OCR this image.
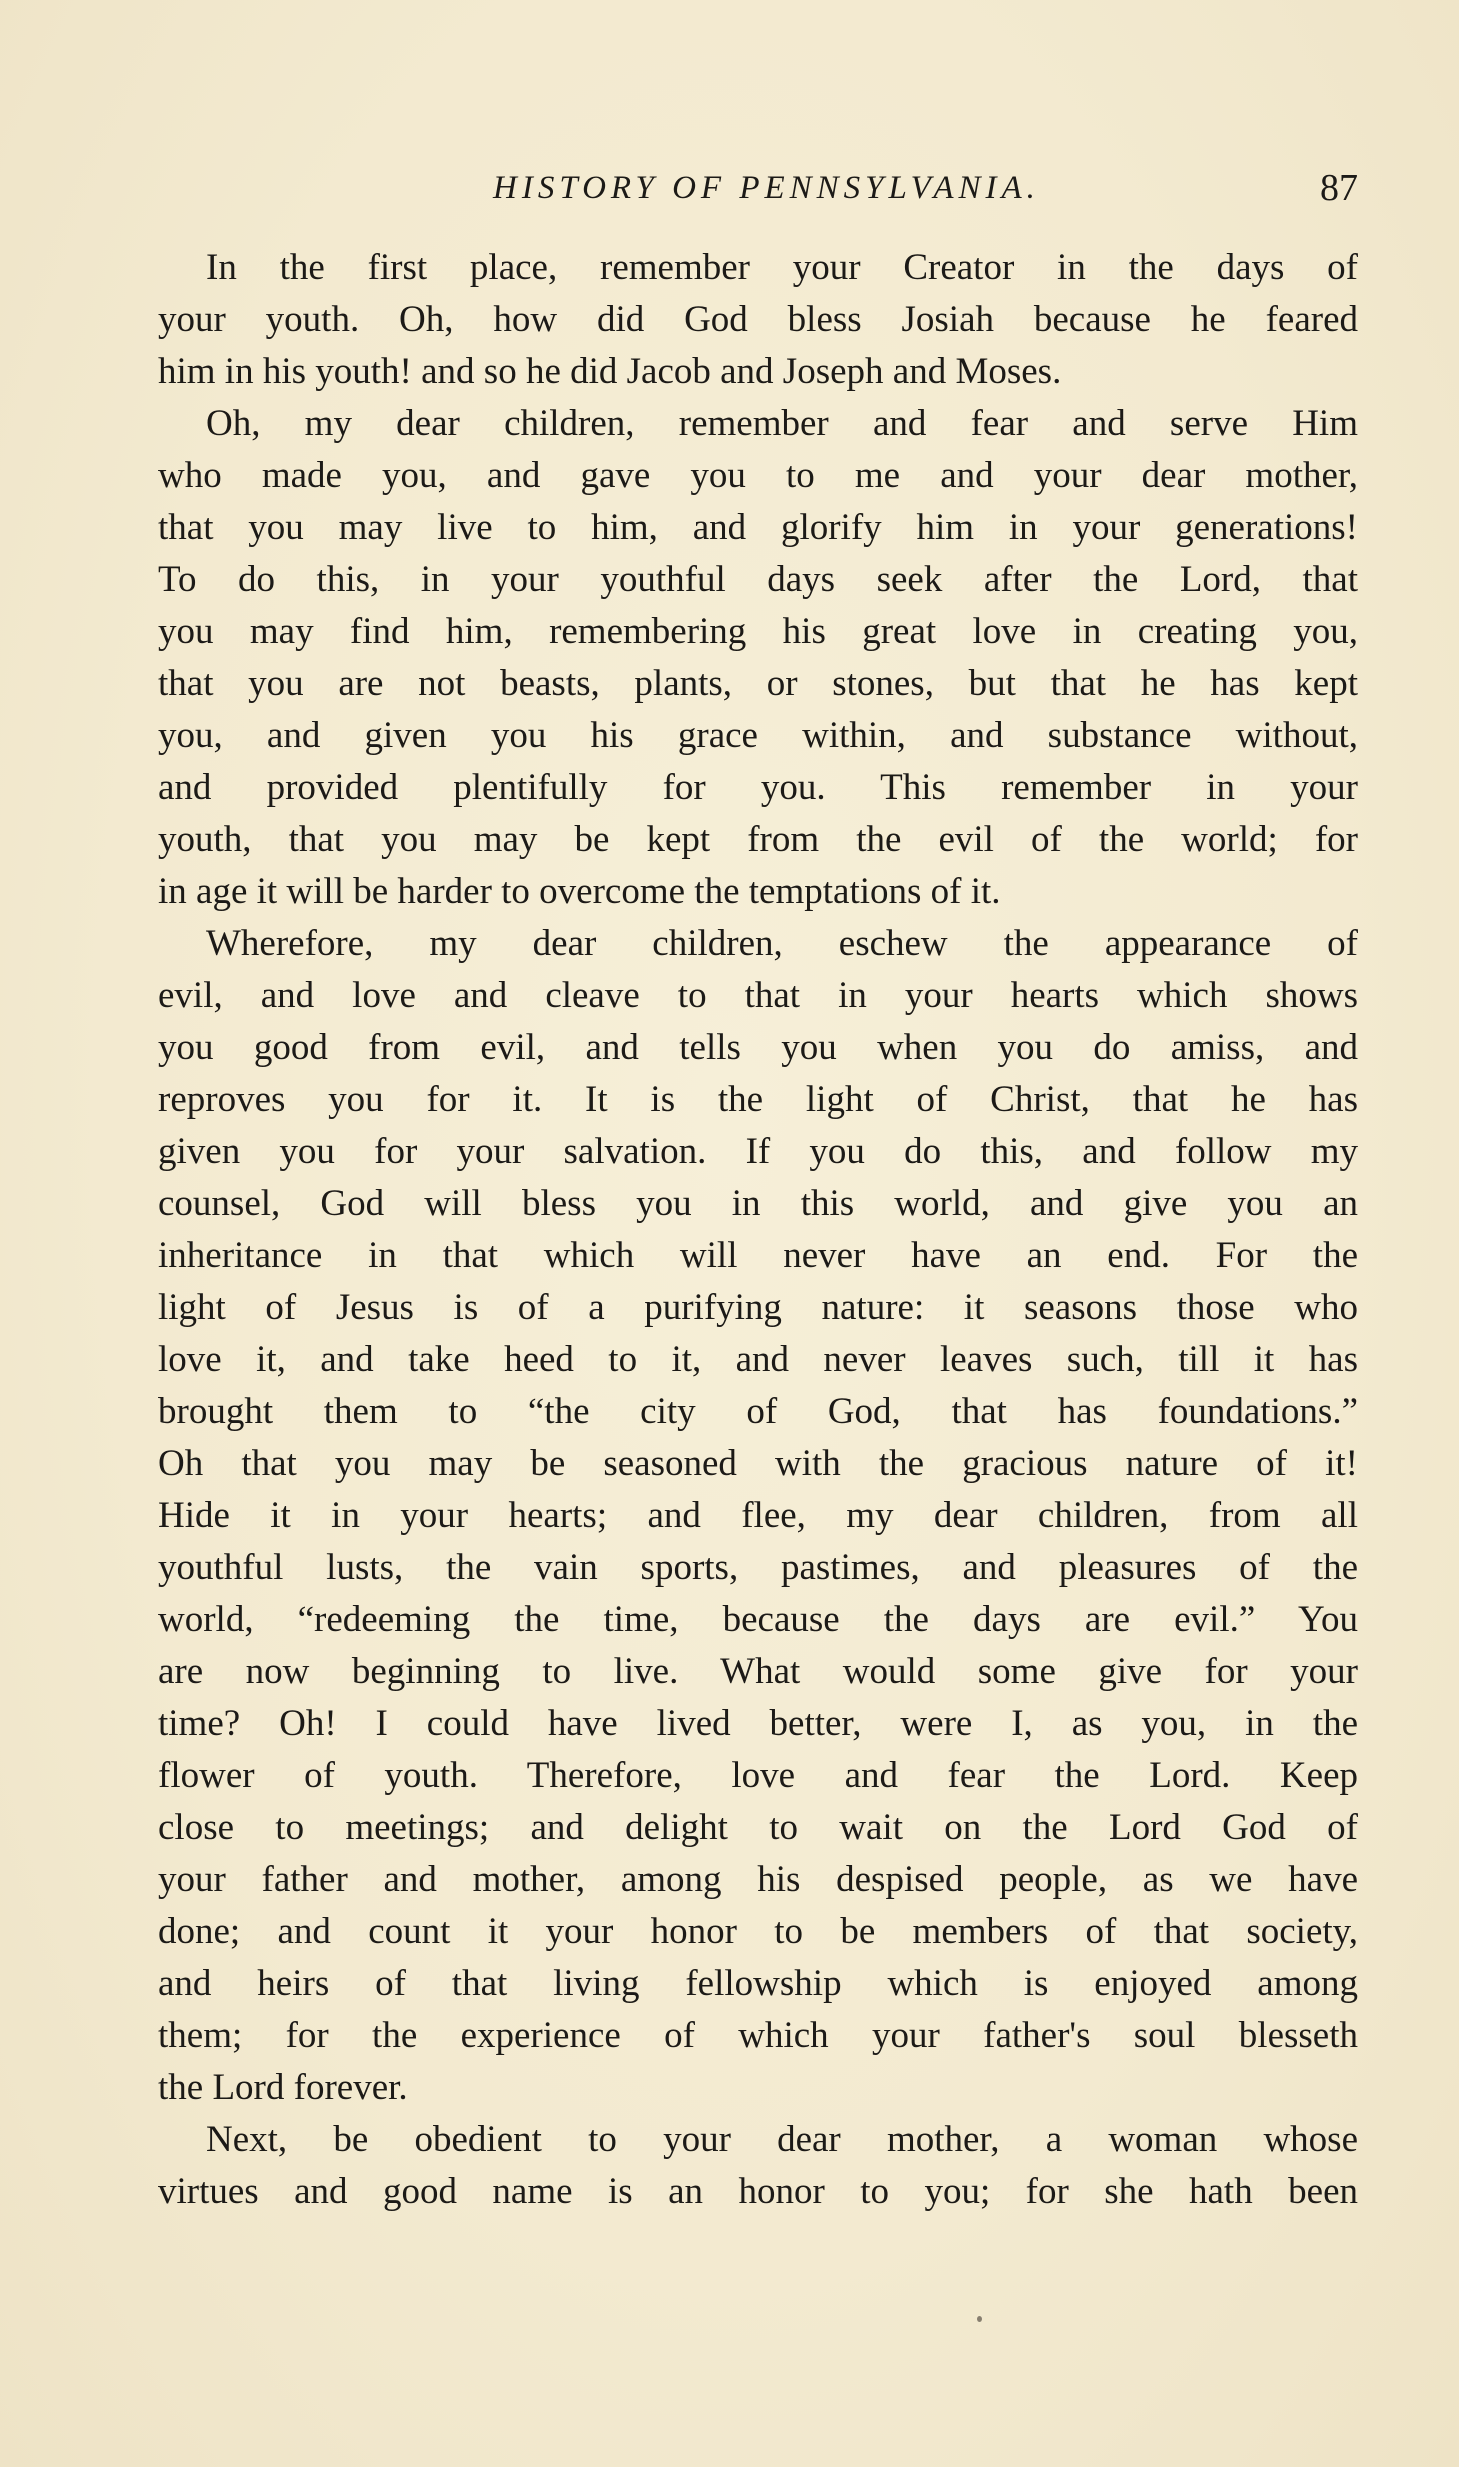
HISTORY OF PENNSYLVANIA.	87
In the first place, remember your Creator in the days of
your youth. Oh, how did God bless Josiah because he feared
him in his youth! and so he did Jacob and Joseph and Moses.
Oh, my dear children, remember and fear and serve Him
who made you, and gave you to me and your dear mother,
that you may live to him, and glorify him in your generations!
To do this, in your youthful days seek after the Lord, that
you may find him, remembering his great love in creating you,
that you are not beasts, plants, or stones, but that he has kept
you, and given you his grace within, and substance without,
and provided plentifully for you. This remember in your
youth, that you may be kept from the evil of the world; for
in age it will be harder to overcome the temptations of it.
Wherefore, my dear children, eschew the appearance of
evil, and love and cleave to that in your hearts which shows
you good from evil, and tells you when you do amiss, and
reproves you for it. It is the light of Christ, that he has
given you for your salvation. If you do this, and follow my
counsel, God will bless you in this world, and give you an
inheritance in that which will never have an end. For the
light of Jesus is of a purifying nature: it seasons those who
love it, and take heed to it, and never leaves such, till it has
brought them to “the city of God, that has foundations.”
Oh that you may be seasoned with the gracious nature of it!
Hide it in your hearts; and flee, my dear children, from all
youthful lusts, the vain sports, pastimes, and pleasures of the
world, “redeeming the time, because the days are evil.” You
are now beginning to live. What would some give for your
time? Oh! I could have lived better, were I, as you, in the
flower of youth. Therefore, love and fear the Lord. Keep
close to meetings; and delight to wait on the Lord God of
your father and mother, among his despised people, as we have
done; and count it your honor to be members of that society,
and heirs of that living fellowship which is enjoyed among
them; for the experience of which your father's soul blesseth
the Lord forever.
Next, be obedient to your dear mother, a woman whose
virtues and good name is an honor to you; for she hath been
